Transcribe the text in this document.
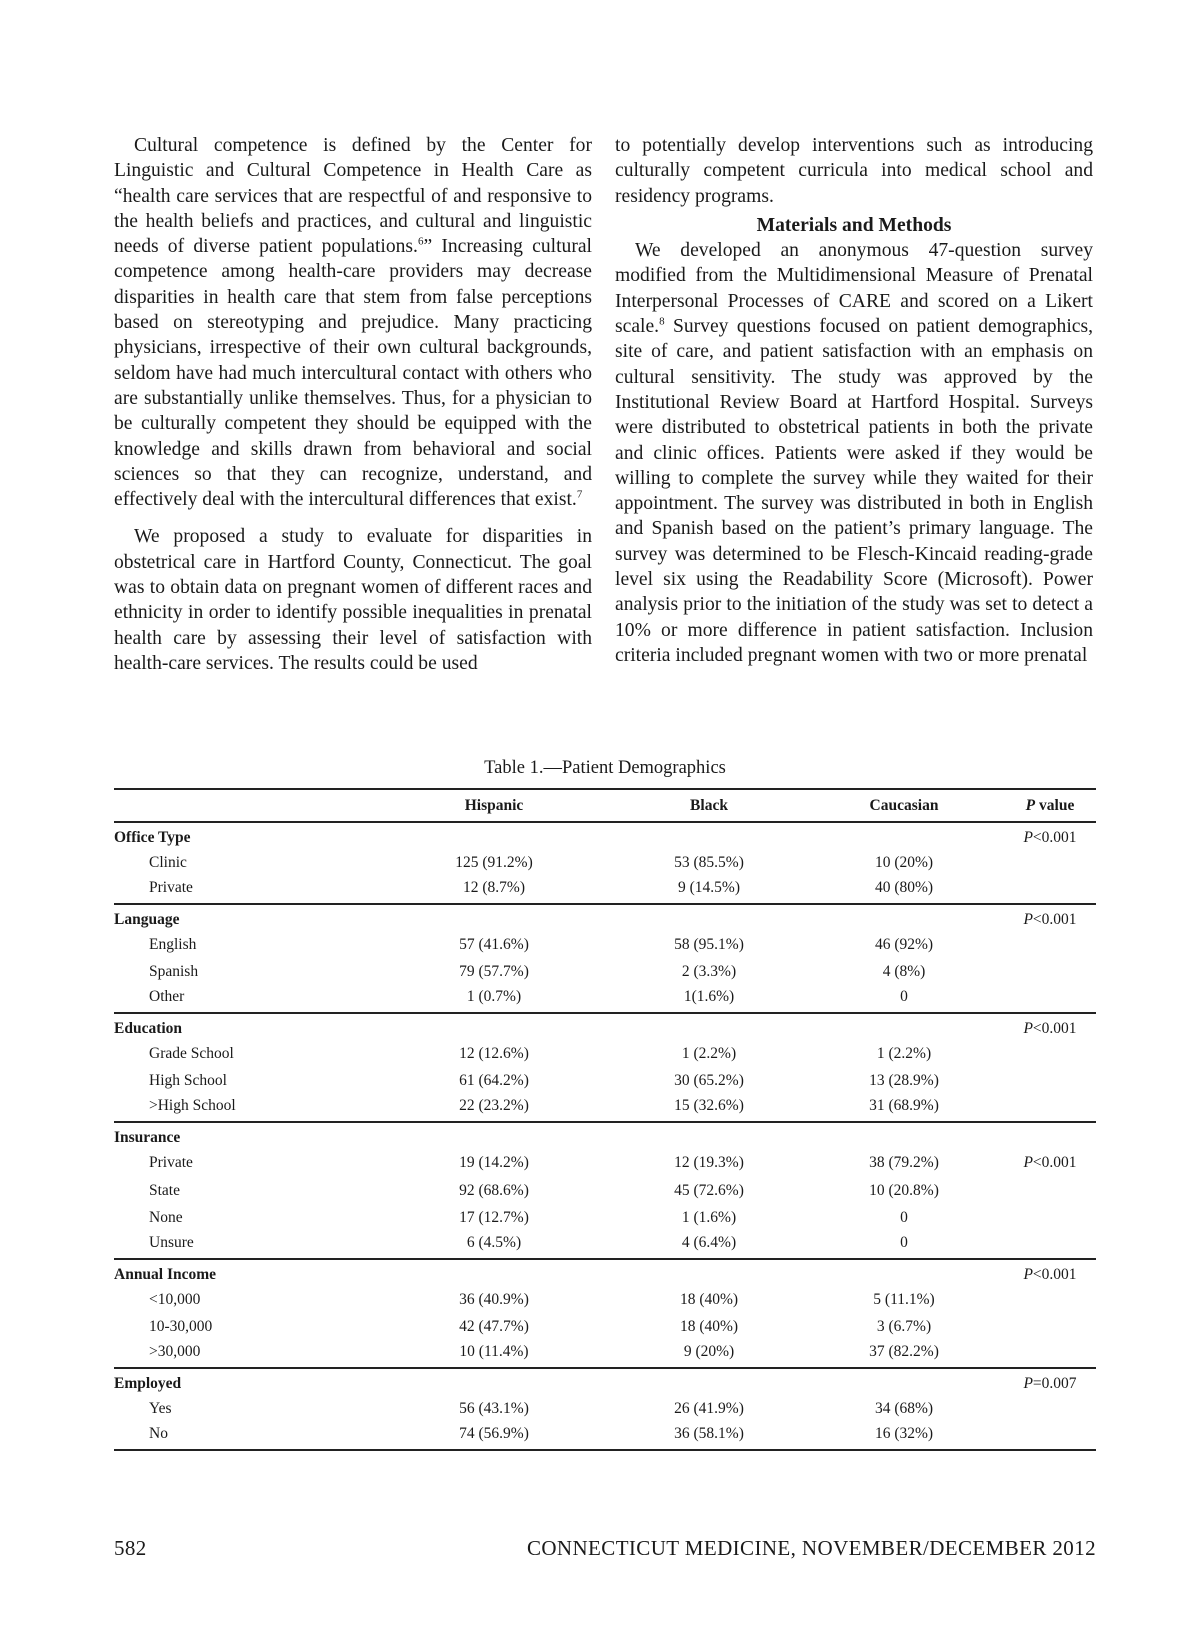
Cultural competence is defined by the Center for Linguistic and Cultural Competence in Health Care as “health care services that are respectful of and responsive to the health beliefs and practices, and cultural and linguistic needs of diverse patient populations.$^6$” Increasing cultural competence among health-care providers may decrease disparities in health care that stem from false perceptions based on stereotyping and prejudice. Many practicing physicians, irrespective of their own cultural backgrounds, seldom have had much intercultural contact with others who are substantially unlike themselves. Thus, for a physician to be culturally competent they should be equipped with the knowledge and skills drawn from behavioral and social sciences so that they can recognize, understand, and effectively deal with the intercultural differences that exist.$^7$

We proposed a study to evaluate for disparities in obstetrical care in Hartford County, Connecticut. The goal was to obtain data on pregnant women of different races and ethnicity in order to identify possible inequalities in prenatal health care by assessing their level of satisfaction with health-care services. The results could be used

to potentially develop interventions such as introducing culturally competent curricula into medical school and residency programs.

Materials and Methods

We developed an anonymous 47-question survey modified from the Multidimensional Measure of Prenatal Interpersonal Processes of CARE and scored on a Likert scale.$^8$ Survey questions focused on patient demographics, site of care, and patient satisfaction with an emphasis on cultural sensitivity. The study was approved by the Institutional Review Board at Hartford Hospital. Surveys were distributed to obstetrical patients in both the private and clinic offices. Patients were asked if they would be willing to complete the survey while they waited for their appointment. The survey was distributed in both in English and Spanish based on the patient’s primary language. The survey was determined to be Flesch-Kincaid reading-grade level six using the Readability Score (Microsoft). Power analysis prior to the initiation of the study was set to detect a 10% or more difference in patient satisfaction. Inclusion criteria included pregnant women with two or more prenatal

Table 1.—Patient Demographics
	Hispanic	Black	Caucasian	P value
Office Type				P<0.001
Clinic	125 (91.2%)	53 (85.5%)	10 (20%)	
Private	12 (8.7%)	9 (14.5%)	40 (80%)	
Language				P<0.001
English	57 (41.6%)	58 (95.1%)	46 (92%)	
Spanish	79 (57.7%)	2 (3.3%)	4 (8%)	
Other	1 (0.7%)	1(1.6%)	0	
Education				P<0.001
Grade School	12 (12.6%)	1 (2.2%)	1 (2.2%)	
High School	61 (64.2%)	30 (65.2%)	13 (28.9%)	
>High School	22 (23.2%)	15 (32.6%)	31 (68.9%)	
Insurance				
Private	19 (14.2%)	12 (19.3%)	38 (79.2%)	P<0.001
State	92 (68.6%)	45 (72.6%)	10 (20.8%)	
None	17 (12.7%)	1 (1.6%)	0	
Unsure	6 (4.5%)	4 (6.4%)	0	
Annual Income				P<0.001
<10,000	36 (40.9%)	18 (40%)	5 (11.1%)	
10-30,000	42 (47.7%)	18 (40%)	3 (6.7%)	
>30,000	10 (11.4%)	9 (20%)	37 (82.2%)	
Employed				P=0.007
Yes	56 (43.1%)	26 (41.9%)	34 (68%)	
No	74 (56.9%)	36 (58.1%)	16 (32%)	
582	CONNECTICUT MEDICINE, NOVEMBER/DECEMBER 2012
